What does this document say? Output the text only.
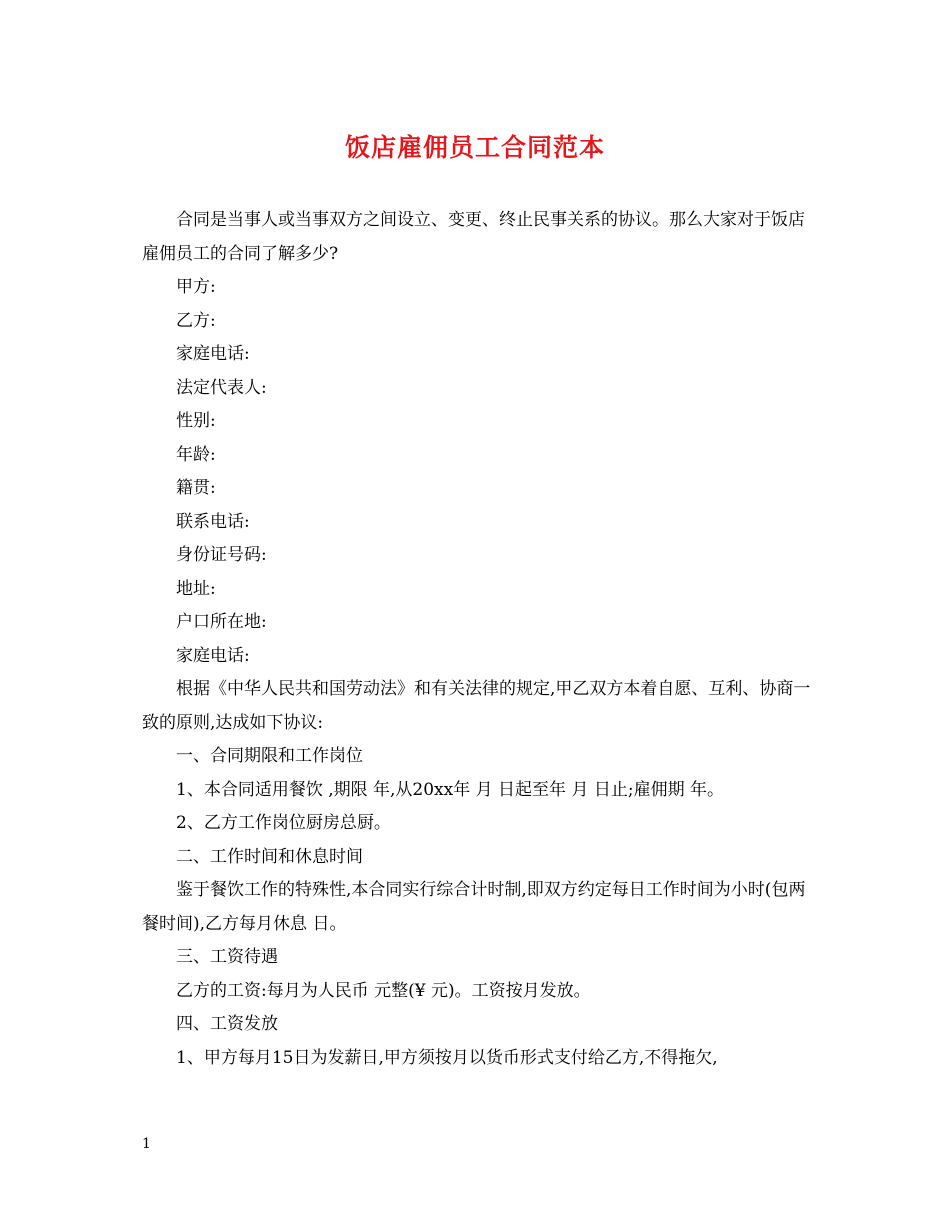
饭店雇佣员工合同范本

合同是当事人或当事双方之间设立、变更、终止民事关系的协议。那么大家对于饭店雇佣员工的合同了解多少?

甲方:

乙方:

家庭电话:

法定代表人:

性别:

年龄:

籍贯:

联系电话:

身份证号码:

地址:

户口所在地:

家庭电话:

根据《中华人民共和国劳动法》和有关法律的规定,甲乙双方本着自愿、互利、协商一致的原则,达成如下协议:

一、合同期限和工作岗位

1、本合同适用餐饮 ,期限 年,从20xx年 月 日起至年 月 日止;雇佣期 年。

2、乙方工作岗位厨房总厨。

二、工作时间和休息时间

鉴于餐饮工作的特殊性,本合同实行综合计时制,即双方约定每日工作时间为小时(包两餐时间),乙方每月休息 日。

三、工资待遇

乙方的工资:每月为人民币 元整(¥ 元)。工资按月发放。

四、工资发放

1、甲方每月15日为发薪日,甲方须按月以货币形式支付给乙方,不得拖欠,

1
